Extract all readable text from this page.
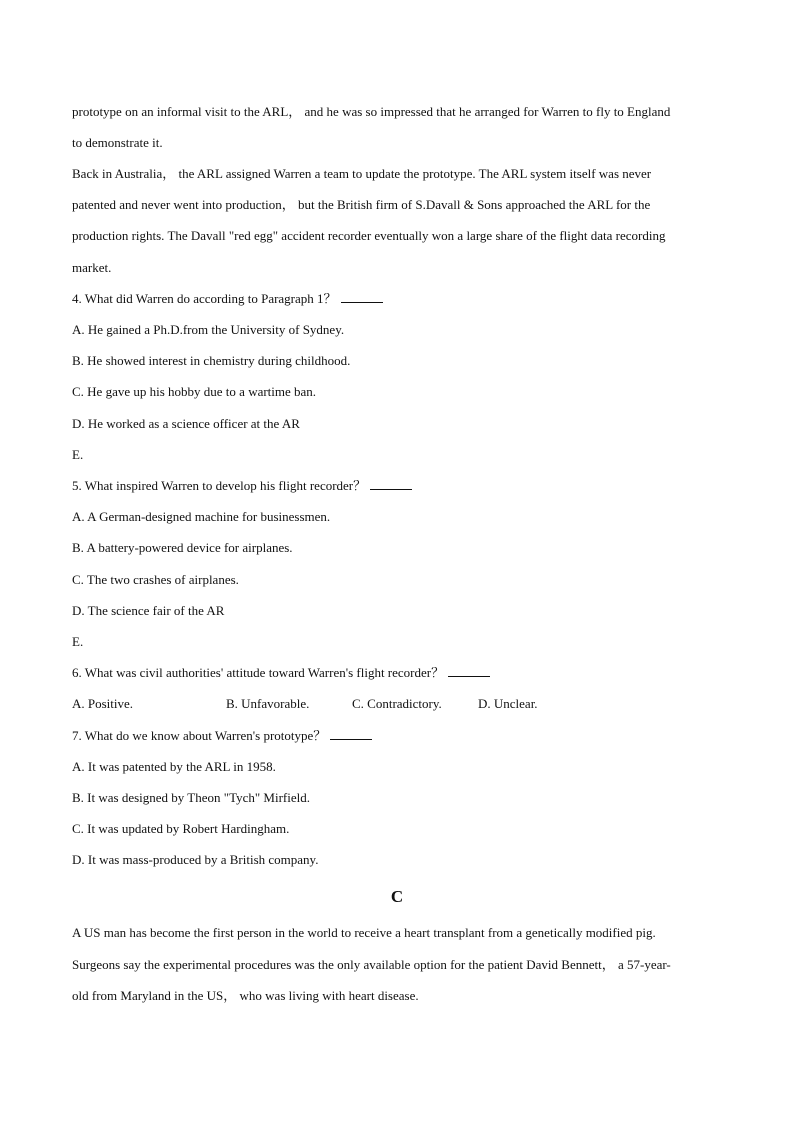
prototype on an informal visit to the ARL， and he was so impressed that he arranged for Warren to fly to England
to demonstrate it.
Back in Australia， the ARL assigned Warren a team to update the prototype. The ARL system itself was never
patented and never went into production， but the British firm of S.Davall & Sons approached the ARL for the
production rights. The Davall "red egg" accident recorder eventually won a large share of the flight data recording
market.
4. What did Warren do according to Paragraph 1？
A. He gained a Ph.D.from the University of Sydney.
B. He showed interest in chemistry during childhood.
C. He gave up his hobby due to a wartime ban.
D. He worked as a science officer at the AR
E.
5. What inspired Warren to develop his flight recorder？
A. A German-designed machine for businessmen.
B. A battery-powered device for airplanes.
C. The two crashes of airplanes.
D. The science fair of the AR
E.
6. What was civil authorities' attitude toward Warren's flight recorder？
A. Positive.	B. Unfavorable.	C. Contradictory.	D. Unclear.
7. What do we know about Warren's prototype？
A. It was patented by the ARL in 1958.
B. It was designed by Theon "Tych" Mirfield.
C. It was updated by Robert Hardingham.
D. It was mass-produced by a British company.
C
A US man has become the first person in the world to receive a heart transplant from a genetically modified pig.
Surgeons say the experimental procedures was the only available option for the patient David Bennett， a 57-year-
old from Maryland in the US， who was living with heart disease.
